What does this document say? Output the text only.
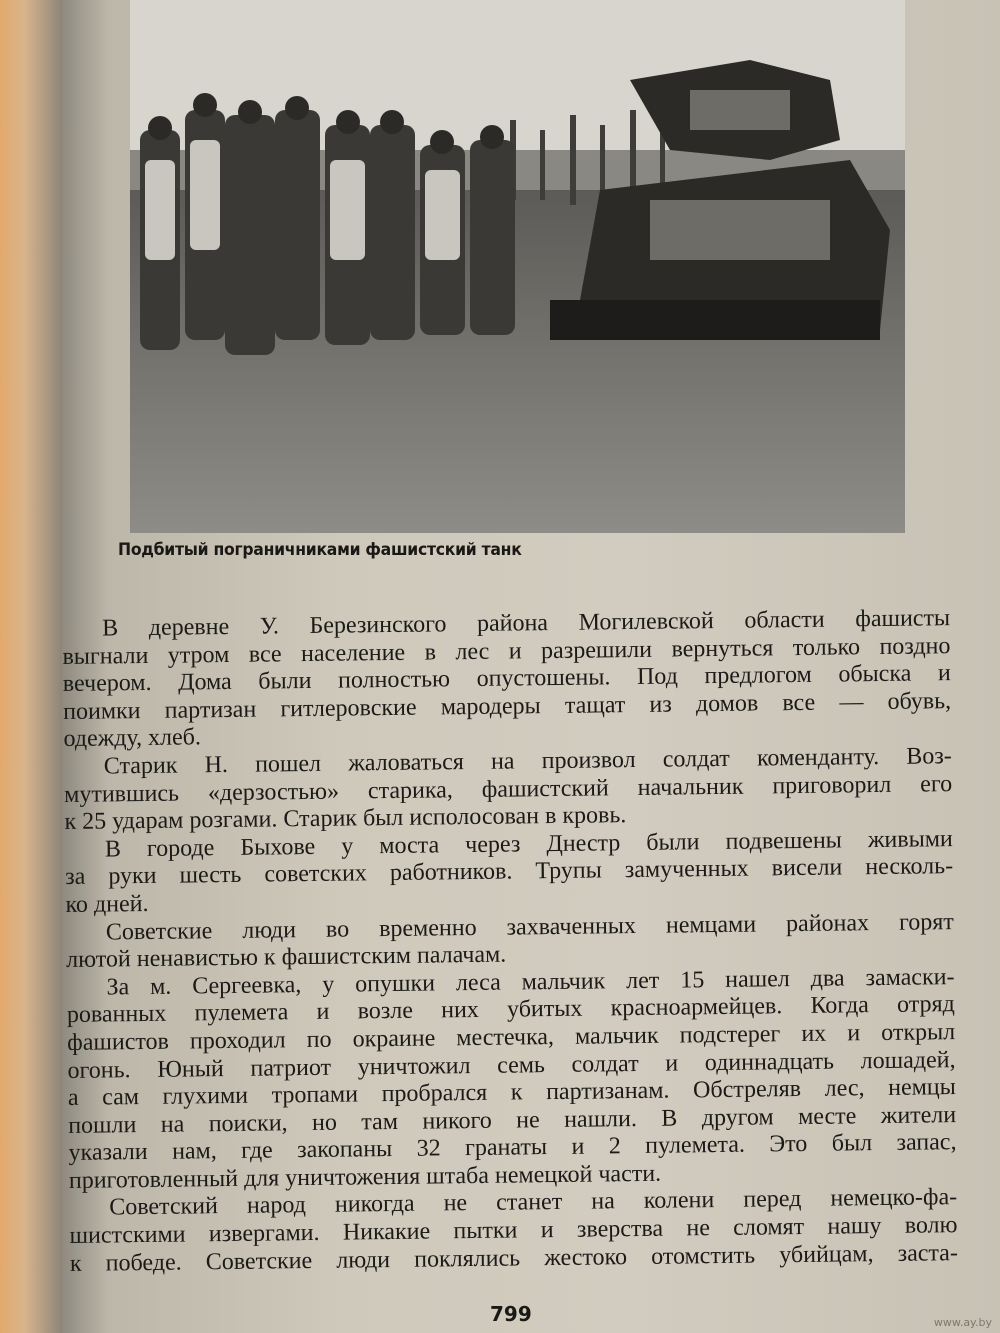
Подбитый пограничниками фашистский танк
В деревне У. Березинского района Могилевской области фашисты
выгнали утром все население в лес и разрешили вернуться только поздно
вечером. Дома были полностью опустошены. Под предлогом обыска и
поимки партизан гитлеровские мародеры тащат из домов все — обувь,
одежду, хлеб.
Старик Н. пошел жаловаться на произвол солдат коменданту. Воз-
мутившись «дерзостью» старика, фашистский начальник приговорил его
к 25 ударам розгами. Старик был исполосован в кровь.
В городе Быхове у моста через Днестр были подвешены живыми
за руки шесть советских работников. Трупы замученных висели несколь-
ко дней.
Советские люди во временно захваченных немцами районах горят
лютой ненавистью к фашистским палачам.
За м. Сергеевка, у опушки леса мальчик лет 15 нашел два замаски-
рованных пулемета и возле них убитых красноармейцев. Когда отряд
фашистов проходил по окраине местечка, мальчик подстерег их и открыл
огонь. Юный патриот уничтожил семь солдат и одиннадцать лошадей,
а сам глухими тропами пробрался к партизанам. Обстреляв лес, немцы
пошли на поиски, но там никого не нашли. В другом месте жители
указали нам, где закопаны 32 гранаты и 2 пулемета. Это был запас,
приготовленный для уничтожения штаба немецкой части.
Советский народ никогда не станет на колени перед немецко-фа-
шистскими извергами. Никакие пытки и зверства не сломят нашу волю
к победе. Советские люди поклялись жестоко отомстить убийцам, заста-
799	www.ay.by
